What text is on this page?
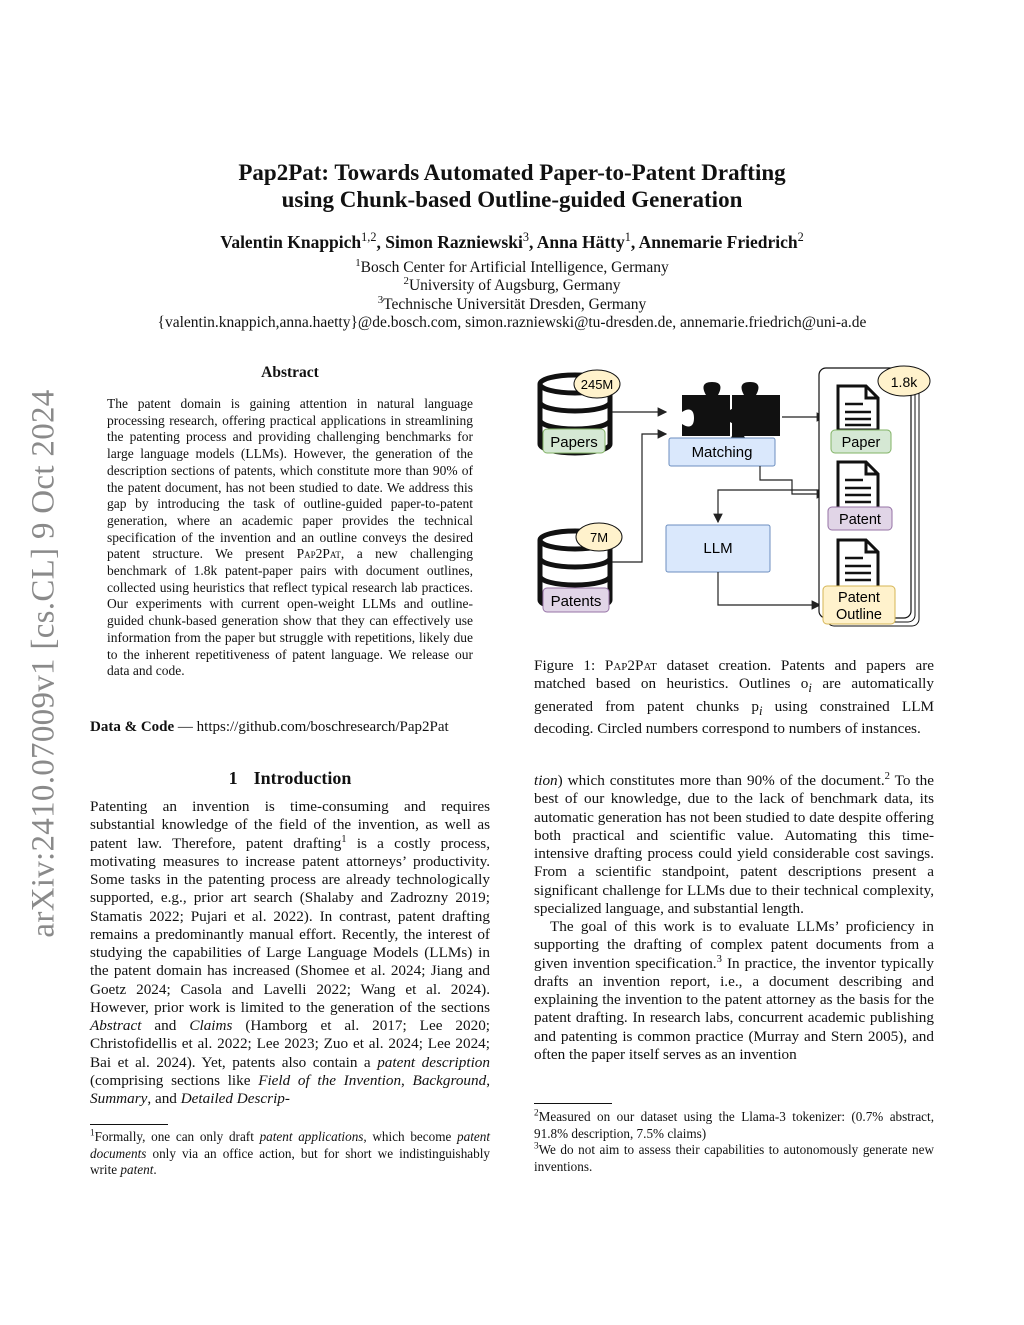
arXiv:2410.07009v1 [cs.CL] 9 Oct 2024
Pap2Pat: Towards Automated Paper-to-Patent Drafting
using Chunk-based Outline-guided Generation
Valentin Knappich$^{1,2}$, Simon Razniewski$^3$, Anna Hätty$^1$, Annemarie Friedrich$^2$
$^1$Bosch Center for Artificial Intelligence, Germany
$^2$University of Augsburg, Germany
$^3$Technische Universität Dresden, Germany
{valentin.knappich,anna.haetty}@de.bosch.com, simon.razniewski@tu-dresden.de, annemarie.friedrich@uni-a.de
Abstract
The patent domain is gaining attention in natural language processing research, offering practical applications in streamlining the patenting process and providing challenging benchmarks for large language models (LLMs). However, the generation of the description sections of patents, which constitute more than 90% of the patent document, has not been studied to date. We address this gap by introducing the task of outline-guided paper-to-patent generation, where an academic paper provides the technical specification of the invention and an outline conveys the desired patent structure. We present Pap2Pat, a new challenging benchmark of 1.8k patent-paper pairs with document outlines, collected using heuristics that reflect typical research lab practices. Our experiments with current open-weight LLMs and outline-guided chunk-based generation show that they can effectively use information from the paper but struggle with repetitions, likely due to the inherent repetitiveness of patent language. We release our data and code.
Data & Code — https://github.com/boschresearch/Pap2Pat
1 Introduction

Patenting an invention is time-consuming and requires substantial knowledge of the field of the invention, as well as patent law. Therefore, patent drafting$^1$ is a costly process, motivating measures to increase patent attorneys’ productivity. Some tasks in the patenting process are already technologically supported, e.g., prior art search (Shalaby and Zadrozny 2019; Stamatis 2022; Pujari et al. 2022). In contrast, patent drafting remains a predominantly manual effort. Recently, the interest of studying the capabilities of Large Language Models (LLMs) in the patent domain has increased (Shomee et al. 2024; Jiang and Goetz 2024; Casola and Lavelli 2022; Wang et al. 2024). However, prior work is limited to the generation of the sections Abstract and Claims (Hamborg et al. 2017; Lee 2020; Christofidellis et al. 2022; Lee 2023; Zuo et al. 2024; Lee 2024; Bai et al. 2024). Yet, patents also contain a patent description (comprising sections like Field of the Invention, Background, Summary, and Detailed Descrip-

$^1$Formally, one can only draft patent applications, which become patent documents only via an office action, but for short we indistinguishably write patent.
Papers
245M
Patents
7M
Matching
LLM
1.8k
Paper
Patent
Patent
Outline
Figure 1: Pap2Pat dataset creation. Patents and papers are matched based on heuristics. Outlines $o_i$ are automatically generated from patent chunks $p_i$ using constrained LLM decoding. Circled numbers correspond to numbers of instances.

tion) which constitutes more than 90% of the document.$^2$ To the best of our knowledge, due to the lack of benchmark data, its automatic generation has not been studied to date despite offering both practical and scientific value. Automating this time-intensive drafting process could yield considerable cost savings. From a scientific standpoint, patent descriptions present a significant challenge for LLMs due to their technical complexity, specialized language, and substantial length.

The goal of this work is to evaluate LLMs’ proficiency in supporting the drafting of complex patent documents from a given invention specification.$^3$ In practice, the inventor typically drafts an invention report, i.e., a document describing and explaining the invention to the patent attorney as the basis for the patent drafting. In research labs, concurrent academic publishing and patenting is common practice (Murray and Stern 2005), and often the paper itself serves as an invention

$^2$Measured on our dataset using the Llama-3 tokenizer: (0.7% abstract, 91.8% description, 7.5% claims)
$^3$We do not aim to assess their capabilities to autonomously generate new inventions.
